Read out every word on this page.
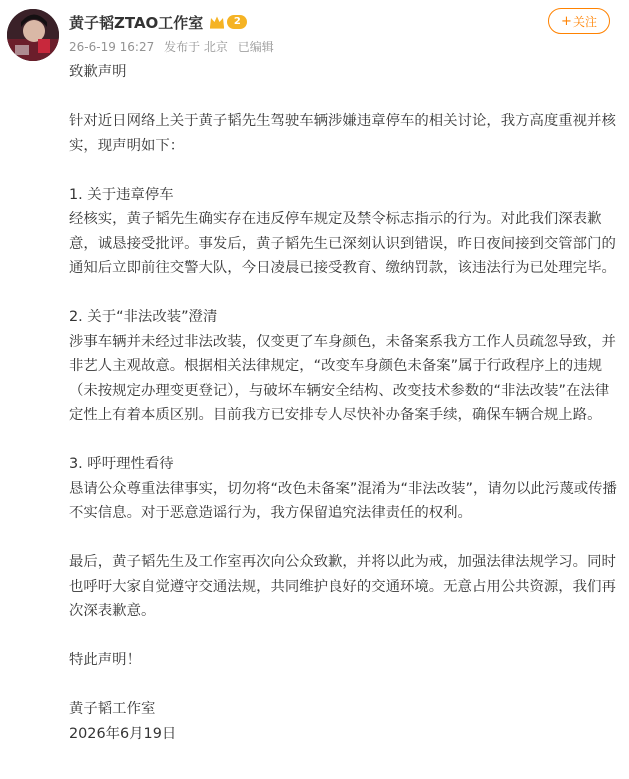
黄子韬ZTAO工作室	2
26-6-19 16:27 发布于 北京 已编辑
+ 关注

致歉声明

针对近日网络上关于黄子韬先生驾驶车辆涉嫌违章停车的相关讨论，我方高度重视并核实，现声明如下：

1. 关于违章停车

经核实，黄子韬先生确实存在违反停车规定及禁令标志指示的行为。对此我们深表歉意，诚恳接受批评。事发后，黄子韬先生已深刻认识到错误，昨日夜间接到交管部门的通知后立即前往交警大队，今日凌晨已接受教育、缴纳罚款，该违法行为已处理完毕。

2. 关于“非法改装”澄清

涉事车辆并未经过非法改装，仅变更了车身颜色，未备案系我方工作人员疏忽导致，并非艺人主观故意。根据相关法律规定，“改变车身颜色未备案”属于行政程序上的违规（未按规定办理变更登记），与破坏车辆安全结构、改变技术参数的“非法改装”在法律定性上有着本质区别。目前我方已安排专人尽快补办备案手续，确保车辆合规上路。

3. 呼吁理性看待

恳请公众尊重法律事实，切勿将“改色未备案”混淆为“非法改装”，请勿以此污蔑或传播不实信息。对于恶意造谣行为，我方保留追究法律责任的权利。

最后，黄子韬先生及工作室再次向公众致歉，并将以此为戒，加强法律法规学习。同时也呼吁大家自觉遵守交通法规，共同维护良好的交通环境。无意占用公共资源，我们再次深表歉意。

特此声明！

黄子韬工作室

2026年6月19日
